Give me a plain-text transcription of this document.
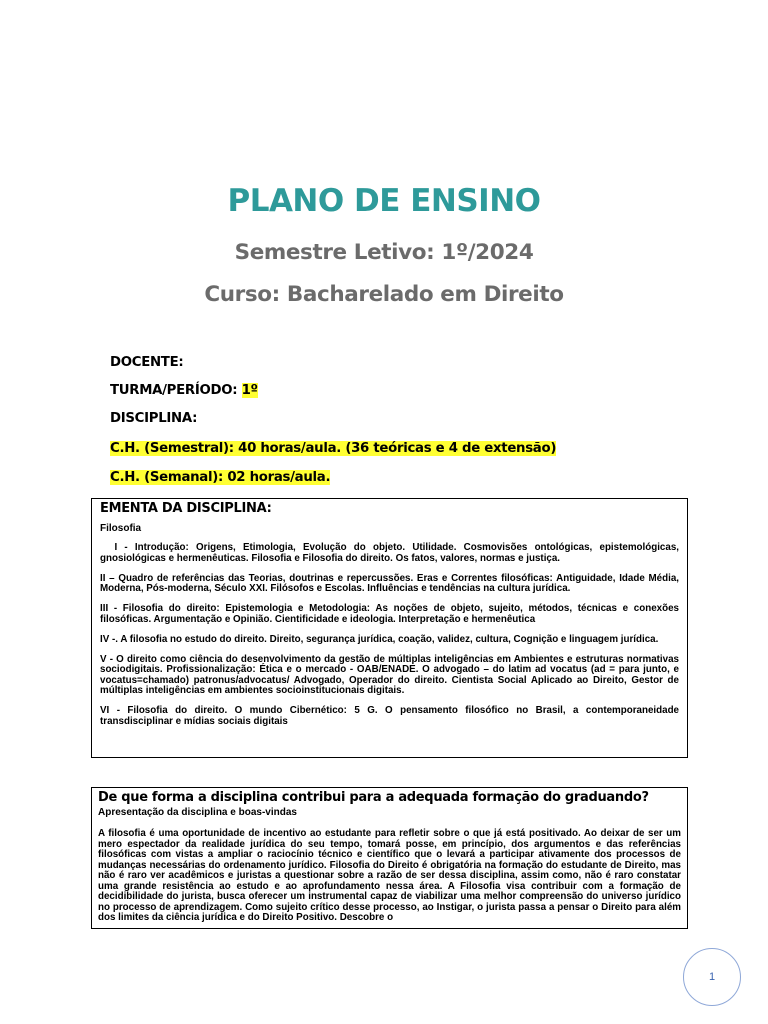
PLANO DE ENSINO
Semestre Letivo: 1º/2024
Curso: Bacharelado em Direito
DOCENTE:
TURMA/PERÍODO: 1º
DISCIPLINA:
C.H. (Semestral): 40 horas/aula. (36 teóricas e 4 de extensão)
C.H. (Semanal): 02 horas/aula.

EMENTA DA DISCIPLINA:

Filosofia

I - Introdução: Origens, Etimologia, Evolução do objeto. Utilidade. Cosmovisões ontológicas, epistemológicas, gnosiológicas e hermenêuticas. Filosofia e Filosofia do direito. Os fatos, valores, normas e justiça.

II – Quadro de referências das Teorias, doutrinas e repercussões. Eras e Correntes filosóficas: Antiguidade, Idade Média, Moderna, Pós-moderna, Século XXI. Filósofos e Escolas. Influências e tendências na cultura jurídica.

III - Filosofia do direito: Epistemologia e Metodologia: As noções de objeto, sujeito, métodos, técnicas e conexões filosóficas. Argumentação e Opinião. Cientificidade e ideologia. Interpretação e hermenêutica

IV -. A filosofia no estudo do direito. Direito, segurança jurídica, coação, validez, cultura, Cognição e linguagem jurídica.

V - O direito como ciência do desenvolvimento da gestão de múltiplas inteligências em Ambientes e estruturas normativas sociodigitais. Profissionalização: Ética e o mercado - OAB/ENADE. O advogado – do latim ad vocatus (ad = para junto, e vocatus=chamado) patronus/advocatus/ Advogado, Operador do direito. Cientista Social Aplicado ao Direito, Gestor de múltiplas inteligências em ambientes socioinstitucionais digitais.

VI - Filosofia do direito. O mundo Cibernético: 5 G. O pensamento filosófico no Brasil, a contemporaneidade transdisciplinar e mídias sociais digitais

De que forma a disciplina contribui para a adequada formação do graduando?

Apresentação da disciplina e boas-vindas

A filosofia é uma oportunidade de incentivo ao estudante para refletir sobre o que já está positivado. Ao deixar de ser um mero espectador da realidade jurídica do seu tempo, tomará posse, em princípio, dos argumentos e das referências filosóficas com vistas a ampliar o raciocínio técnico e científico que o levará a participar ativamente dos processos de mudanças necessárias do ordenamento jurídico. Filosofia do Direito é obrigatória na formação do estudante de Direito, mas não é raro ver acadêmicos e juristas a questionar sobre a razão de ser dessa disciplina, assim como, não é raro constatar uma grande resistência ao estudo e ao aprofundamento nessa área. A Filosofia visa contribuir com a formação de decidibilidade do jurista, busca oferecer um instrumental capaz de viabilizar uma melhor compreensão do universo jurídico no processo de aprendizagem. Como sujeito crítico desse processo, ao Instigar, o jurista passa a pensar o Direito para além dos limites da ciência jurídica e do Direito Positivo. Descobre o

1
